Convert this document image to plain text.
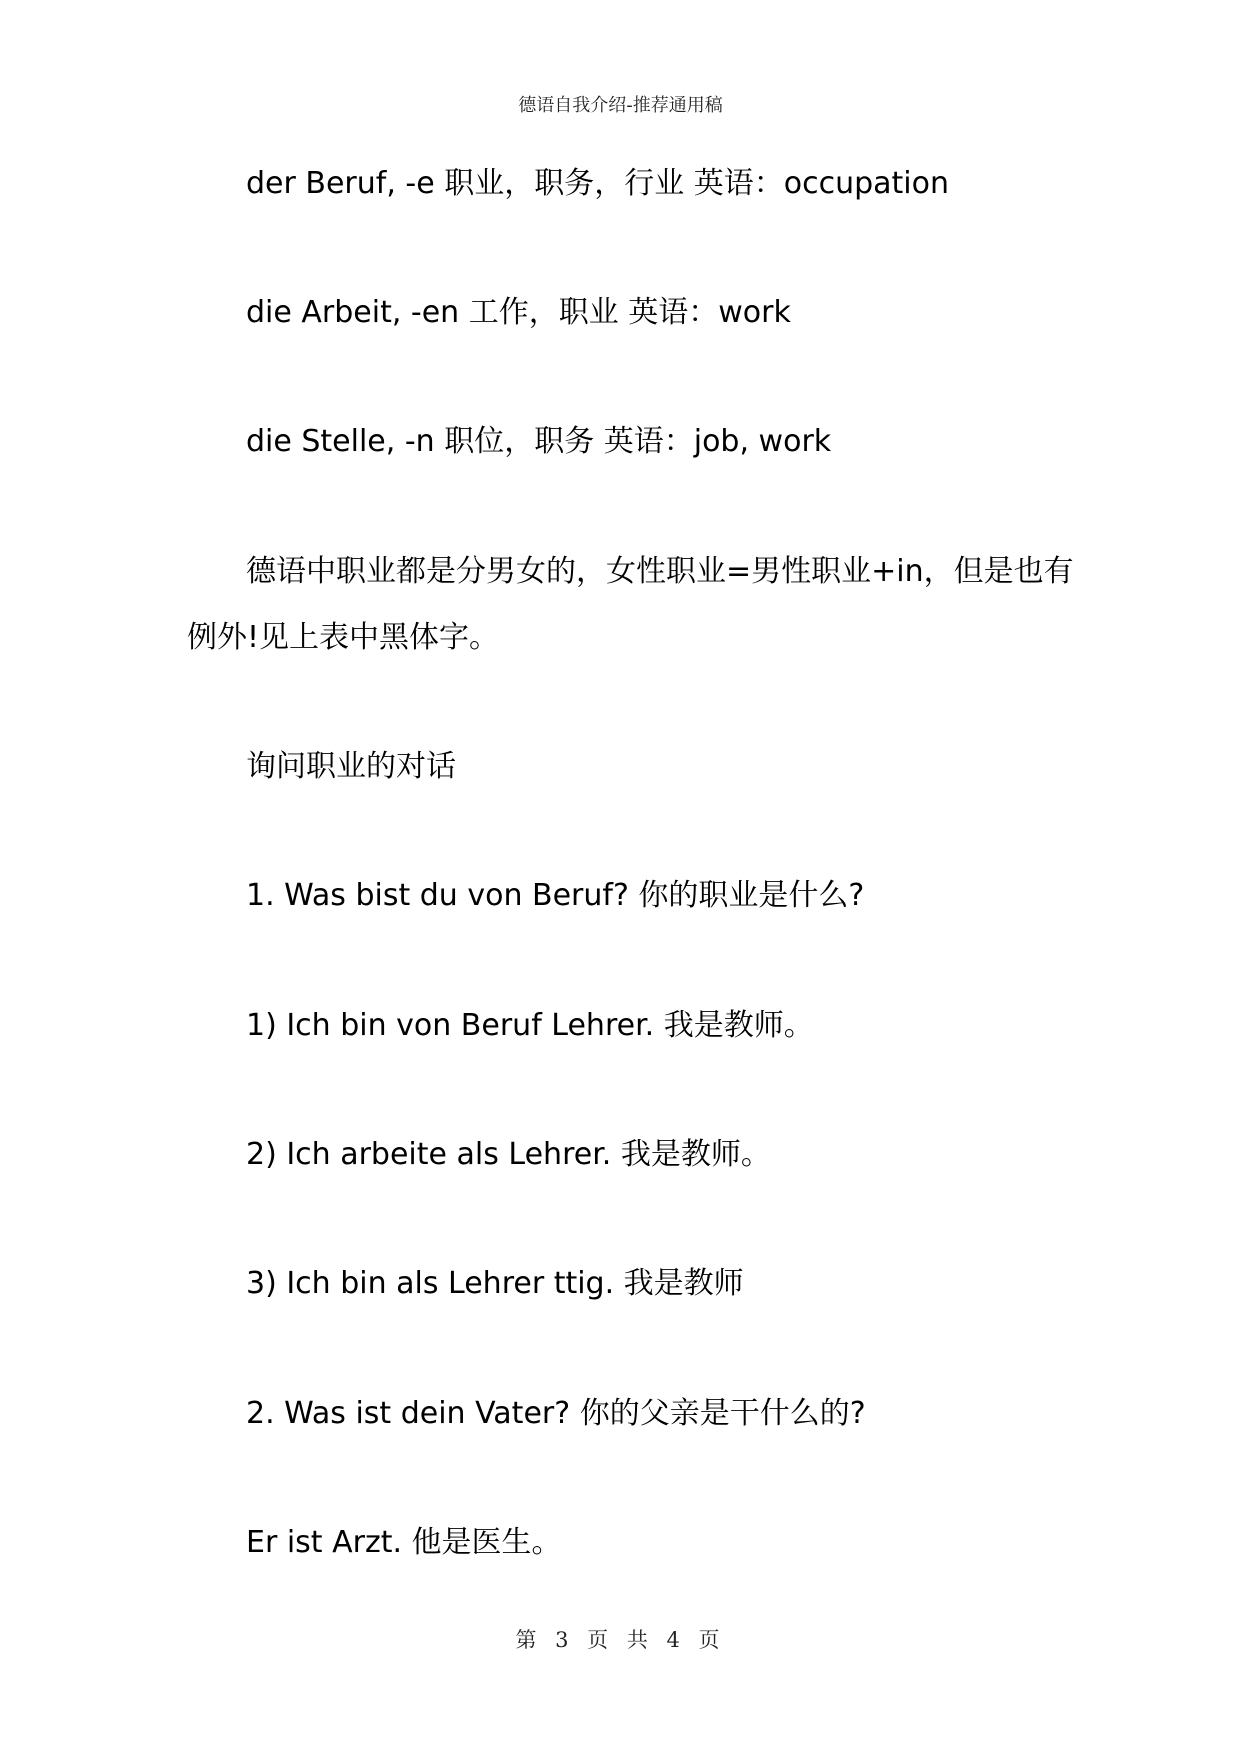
德语自我介绍-推荐通用稿
der Beruf, -e 职业，职务，行业 英语：occupation
die Arbeit, -en 工作，职业 英语：work
die Stelle, -n 职位，职务 英语：job, work
德语中职业都是分男女的，女性职业=男性职业+in，但是也有
例外!见上表中黑体字。
询问职业的对话
1. Was bist du von Beruf? 你的职业是什么?
1) Ich bin von Beruf Lehrer. 我是教师。
2) Ich arbeite als Lehrer. 我是教师。
3) Ich bin als Lehrer ttig. 我是教师
2. Was ist dein Vater? 你的父亲是干什么的?
Er ist Arzt. 他是医生。
第 3 页 共 4 页
